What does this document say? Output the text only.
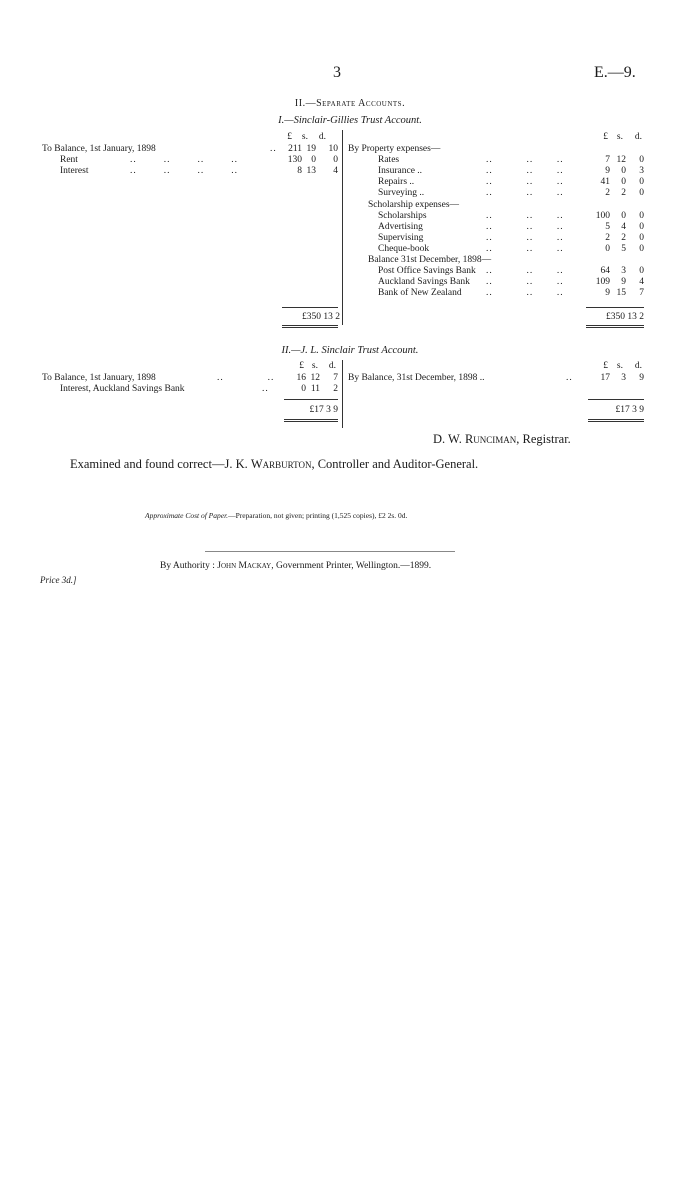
3	E.—9.
II.—Separate Accounts.
I.—Sinclair-Gillies Trust Account.
£	s.	d.	£ s.	d.
To Balance, 1st January, 1898	..	211 19	10
Rent	..        ..        ..        ..	130 0	0
Interest	..        ..        ..        ..	8 13	4
By Property expenses—
Rates	..          ..       ..	7 12	0
Insurance ..	..          ..       ..	9	0	3
Repairs ..	..          ..       ..	41	0	0
Surveying ..	..          ..       ..	2	2	0
Scholarship expenses—
Scholarships	..          ..       ..	100	0	0
Advertising	..          ..       ..	5	4	0
Supervising	..          ..       ..	2	2	0
Cheque-book	..          ..       ..	0	5	0
Balance 31st December, 1898—
Post Office Savings Bank ..          ..       ..	64	3	0
Auckland Savings Bank ..          ..       ..	109	9	4
Bank of New Zealand	..          ..       ..	9 15	7
£350 13 2	£350 13 2
II.—J. L. Sinclair Trust Account.
£ s.	d.	£ s.	d.
To Balance, 1st January, 1898	..             ..	16 12	7
Interest, Auckland Savings Bank	..	0 11	2
By Balance, 31st December, 1898 ..	..	17	3	9
£17 3 9	£17 3 9
D. W. Runciman, Registrar.
Examined and found correct—J. K. Warburton, Controller and Auditor-General.
Approximate Cost of Paper.—Preparation, not given; printing (1,525 copies), £2 2s. 0d.
By Authority : John Mackay, Government Printer, Wellington.—1899.
Price 3d.]
